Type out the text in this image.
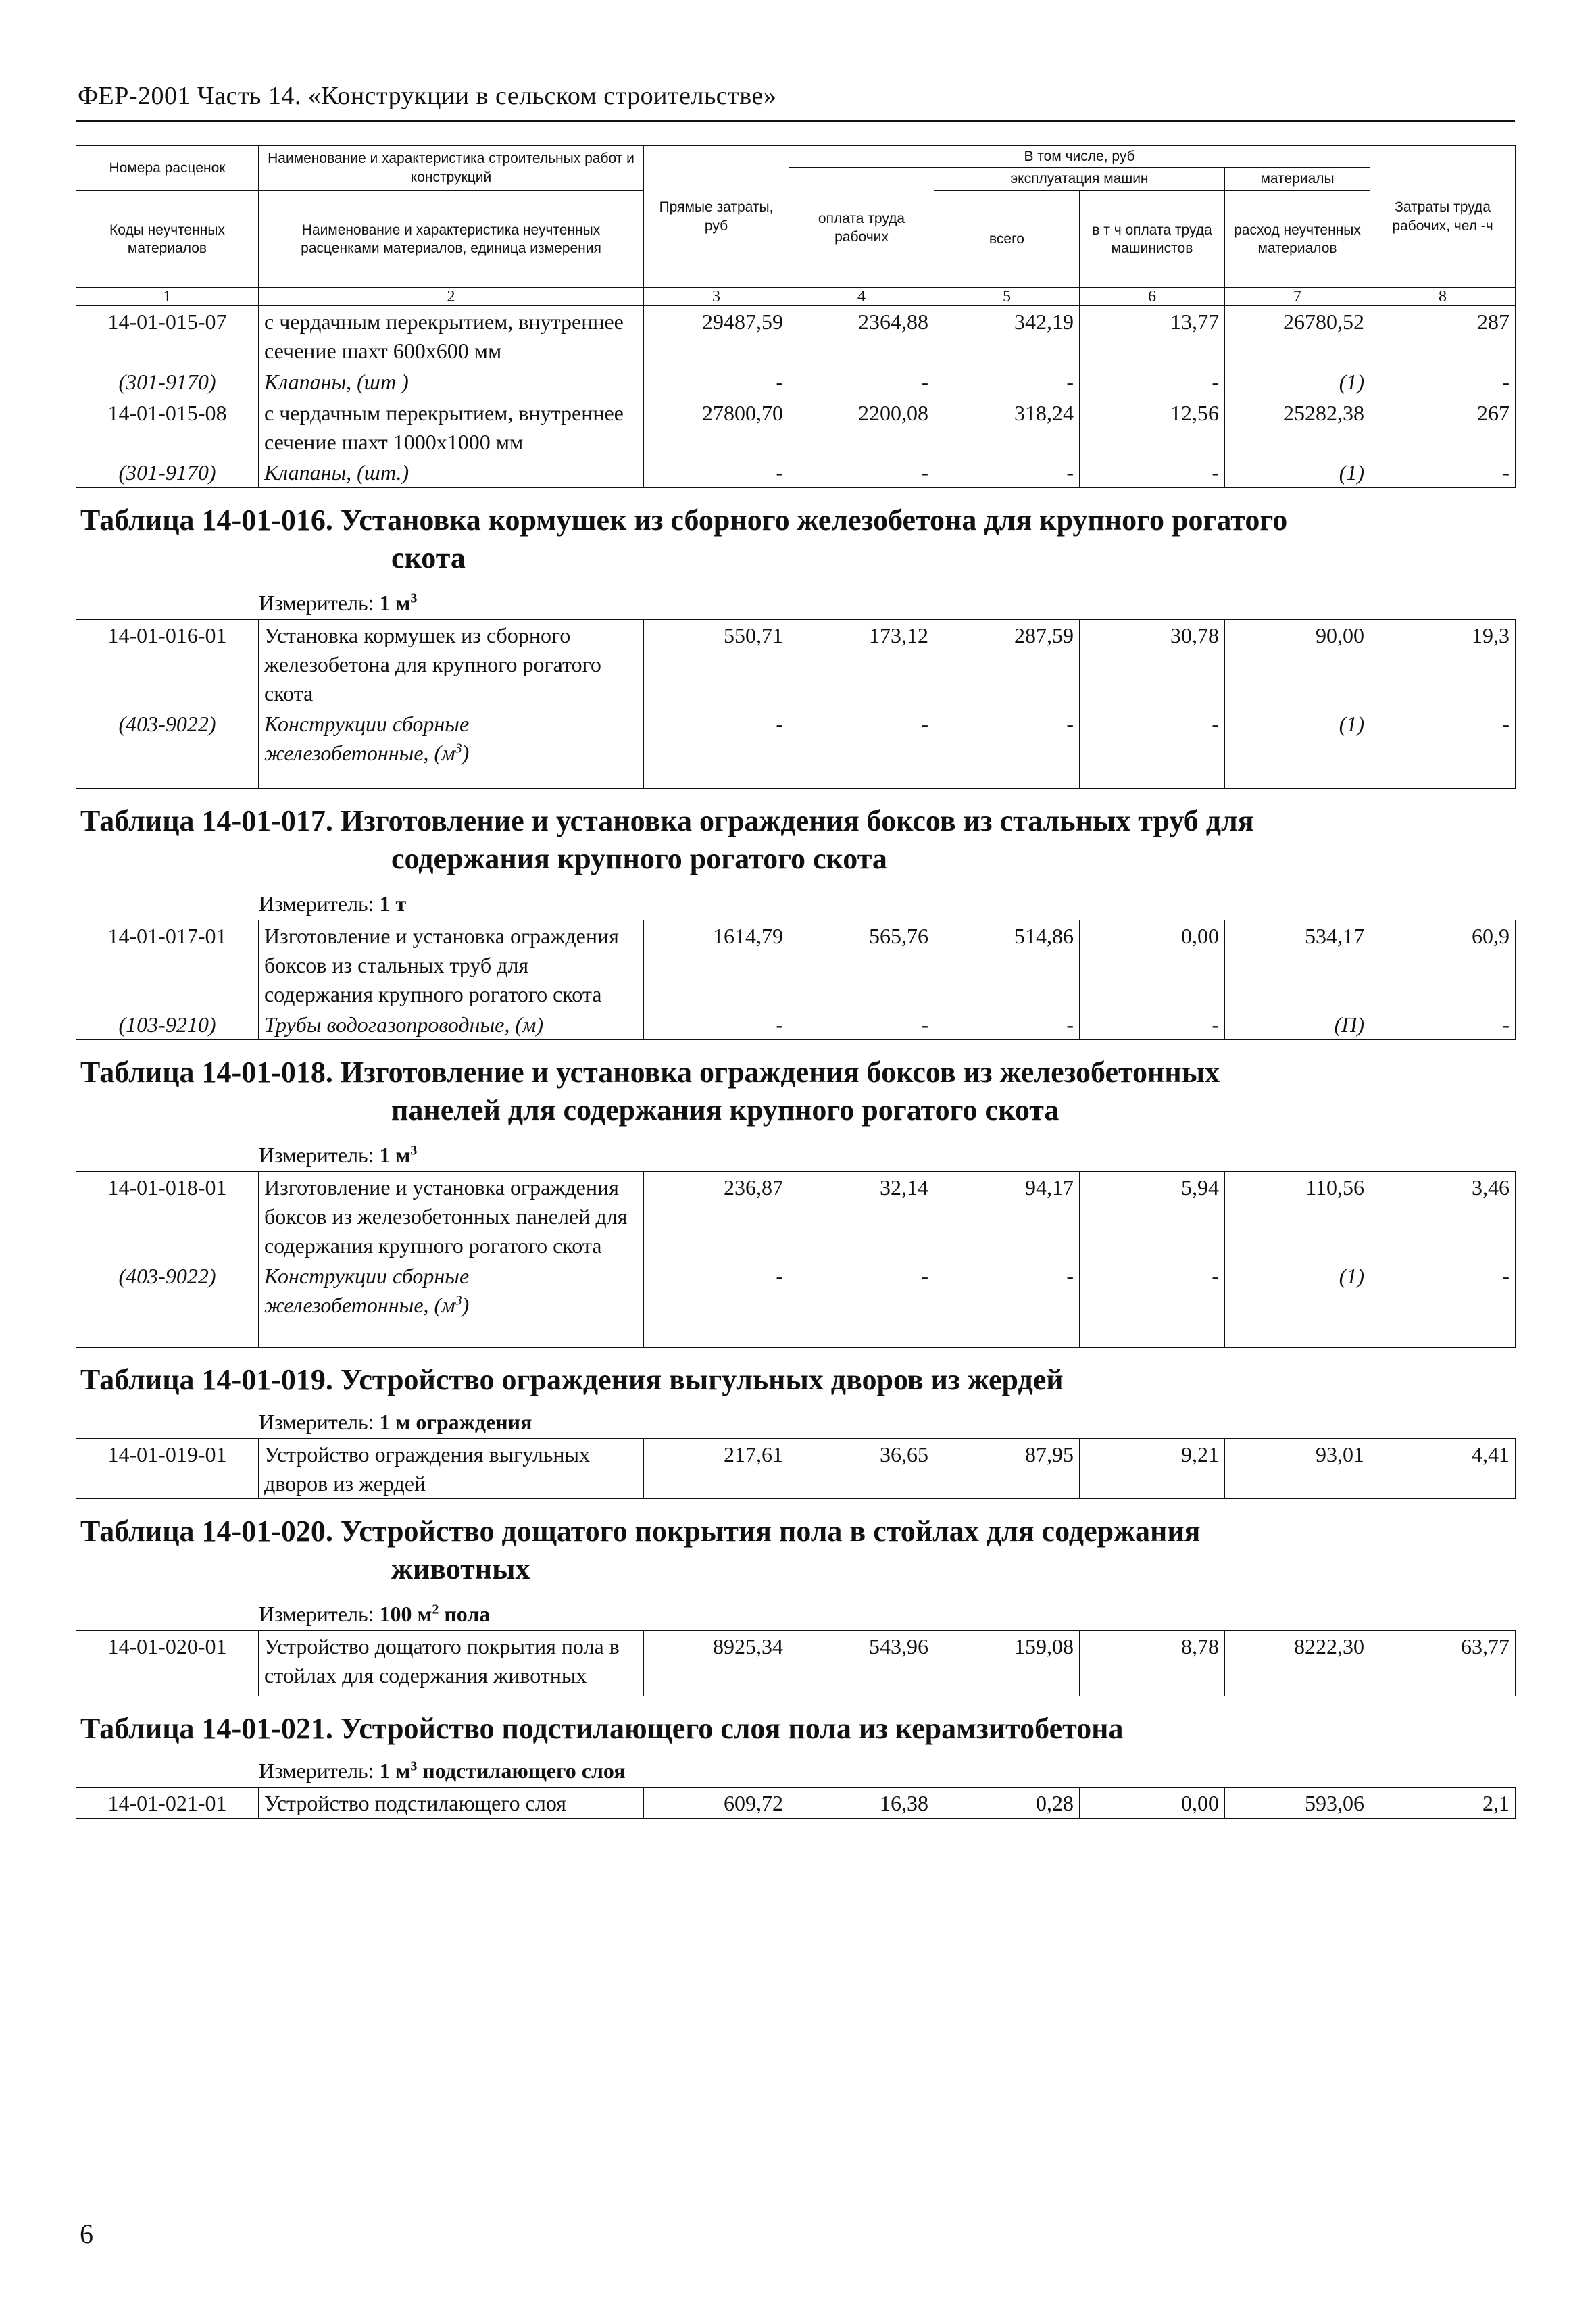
ФЕР-2001 Часть 14. «Конструкции в сельском строительстве»
Номера расценок	Наименование и характеристика строительных работ и конструкций	Прямые затраты, руб	В том числе, руб				Затраты труда рабочих, чел -ч
			оплата труда рабочих	эксплуатация машин		материалы	
Коды неучтенных материалов	Наименование и характеристика неучтенных расценками материалов, единица измерения			всего	в т ч оплата труда машинистов	расход неучтенных материалов	

1	2	3	4	5	6	7	8
14-01-015-07	с чердачным перекрытием, внутреннее сечение шахт 600х600 мм	29487,59	2364,88	342,19	13,77	26780,52	287
(301-9170)	Клапаны, (шт )	-	-	-	-	(1)	-
14-01-015-08	с чердачным перекрытием, внутреннее сечение шахт 1000х1000 мм	27800,70	2200,08	318,24	12,56	25282,38	267
(301-9170)	Клапаны, (шт.)	-	-	-	-	(1)	-
Таблица 14-01-016. Установка кормушек из сборного железобетона для крупного рогатого
скота
Измеритель: 1 $м^3$
14-01-016-01	Установка кормушек из сборного железобетона для крупного рогатого скота	550,71	173,12	287,59	30,78	90,00	19,3
(403-9022)	Конструкции сборные железобетонные, $(м^3)$	-	-	-	-	(1)	-
Таблица 14-01-017. Изготовление и установка ограждения боксов из стальных труб для
содержания крупного рогатого скота
Измеритель: 1 т
14-01-017-01	Изготовление и установка ограждения боксов из стальных труб для содержания крупного рогатого скота	1614,79	565,76	514,86	0,00	534,17	60,9
(103-9210)	Трубы водогазопроводные, (м)	-	-	-	-	(П)	-
Таблица 14-01-018. Изготовление и установка ограждения боксов из железобетонных
панелей для содержания крупного рогатого скота
Измеритель: 1 $м^3$
14-01-018-01	Изготовление и установка ограждения боксов из железобетонных панелей для содержания крупного рогатого скота	236,87	32,14	94,17	5,94	110,56	3,46
(403-9022)	Конструкции сборные железобетонные, $(м^3)$	-	-	-	-	(1)	-
Таблица 14-01-019. Устройство ограждения выгульных дворов из жердей
Измеритель: 1 м ограждения
14-01-019-01	Устройство ограждения выгульных дворов из жердей	217,61	36,65	87,95	9,21	93,01	4,41
Таблица 14-01-020. Устройство дощатого покрытия пола в стойлах для содержания
животных
Измеритель: 100 $м^2$ пола
14-01-020-01	Устройство дощатого покрытия пола в стойлах для содержания животных	8925,34	543,96	159,08	8,78	8222,30	63,77
Таблица 14-01-021. Устройство подстилающего слоя пола из керамзитобетона
Измеритель: 1 $м^3$ подстилающего слоя
14-01-021-01	Устройство подстилающего слоя	609,72	16,38	0,28	0,00	593,06	2,1
6
